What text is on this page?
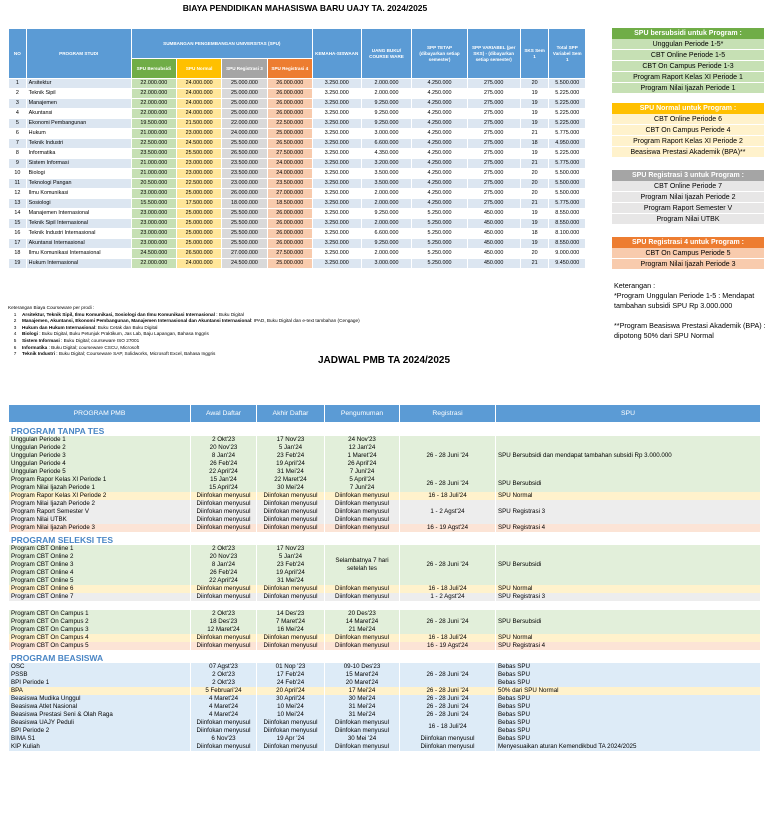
BIAYA PENDIDIKAN MAHASISWA BARU UAJY TA. 2024/2025
NO	PROGRAM STUDI	SUMBANGAN PENGEMBANGAN UNIVERSITAS (SPU)				KEMAHA-SISWAAN	UANG BUKU/ COURSE WARE	SPP TETAP (dibayarkan setiap semester)	SPP VARIABEL (per SKS) - (dibayarkan setiap semester)	SKS Sem 1	Total SPP Variabel Sem 1
		SPU Bersubsidi	SPU Normal	SPU Registrasi 3	SPU Registrasi 4						
1	Arsitektur	22.000.000	24.000.000	25.000.000	26.000.000	3.250.000	2.000.000	4.250.000	275.000	20	5.500.000
2	Teknik Sipil	22.000.000	24.000.000	25.000.000	26.000.000	3.250.000	2.000.000	4.250.000	275.000	19	5.225.000
3	Manajemen	22.000.000	24.000.000	25.000.000	26.000.000	3.250.000	9.250.000	4.250.000	275.000	19	5.225.000
4	Akuntansi	22.000.000	24.000.000	25.000.000	26.000.000	3.250.000	9.250.000	4.250.000	275.000	19	5.225.000
5	Ekonomi Pembangunan	19.500.000	21.500.000	22.000.000	22.500.000	3.250.000	9.250.000	4.250.000	275.000	19	5.225.000
6	Hukum	21.000.000	23.000.000	24.000.000	25.000.000	3.250.000	3.000.000	4.250.000	275.000	21	5.775.000
7	Teknik Industri	22.500.000	24.500.000	25.500.000	26.500.000	3.250.000	6.600.000	4.250.000	275.000	18	4.950.000
8	Informatika	23.500.000	25.500.000	26.500.000	27.500.000	3.250.000	4.350.000	4.250.000	275.000	19	5.225.000
9	Sistem Informasi	21.000.000	23.000.000	23.500.000	24.000.000	3.250.000	3.200.000	4.250.000	275.000	21	5.775.000
10	Biologi	21.000.000	23.000.000	23.500.000	24.000.000	3.250.000	3.500.000	4.250.000	275.000	20	5.500.000
11	Teknologi Pangan	20.500.000	22.500.000	23.000.000	23.500.000	3.250.000	3.500.000	4.250.000	275.000	20	5.500.000
12	Ilmu Komunikasi	23.000.000	25.000.000	26.000.000	27.000.000	3.250.000	2.000.000	4.250.000	275.000	20	5.500.000
13	Sosiologi	15.500.000	17.500.000	18.000.000	18.500.000	3.250.000	2.000.000	4.250.000	275.000	21	5.775.000
14	Manajemen Internasional	23.000.000	25.000.000	25.500.000	26.000.000	3.250.000	9.250.000	5.250.000	450.000	19	8.550.000
15	Teknik Sipil Internasional	23.000.000	25.000.000	25.500.000	26.000.000	3.250.000	2.000.000	5.250.000	450.000	19	8.550.000
16	Teknik Industri Internasional	23.000.000	25.000.000	25.500.000	26.000.000	3.250.000	6.600.000	5.250.000	450.000	18	8.100.000
17	Akuntansi Internasional	23.000.000	25.000.000	25.500.000	26.000.000	3.250.000	9.250.000	5.250.000	450.000	19	8.550.000
18	Ilmu Komunikasi Internasional	24.500.000	26.500.000	27.000.000	27.500.000	3.250.000	2.000.000	5.250.000	450.000	20	9.000.000
19	Hukum Internasional	22.000.000	24.000.000	24.500.000	25.000.000	3.250.000	3.000.000	5.250.000	450.000	21	9.450.000
Keterangan Biaya Courseware per prodi :
1	Arsitektur, Teknik Sipil, Ilmu Komunikasi, Sosiologi dan Ilmu Komunikasi Internasional : Buku Digital
2	Manajemen, Akuntansi, Ekonomi Pembangunan, Manajemen Internasional dan Akuntansi Internasional: IPAD, Buku Digital dan e-text tambahan (Cengage)
3	Hukum dan Hukum Internasional: Buku Cetak dan Buku Digital
4	Biologi : Buku Digital, Buku Petunjuk Praktikum, Jas Lab, Baju Lapangan, Bahasa Inggris
5	Sistem Informasi : Buku Digital; courseware ISO 27001
6	Informatika : Buku Digital; courseware CSCU, Microsoft
7	Teknik Industri : Buku Digital; Courseware SAP, Solidworks, Microsoft Excel, Bahasa Inggris
SPU bersubsidi untuk Program :
Unggulan Periode 1-5*
CBT Online Periode 1-5
CBT On Campus Periode 1-3
Program Raport Kelas XI Periode 1
Program Nilai Ijazah Periode 1
SPU Normal untuk Program :
CBT Online Periode 6
CBT On Campus Periode 4
Program Raport Kelas XI Periode 2
Beasiswa Prestasi Akademik (BPA)**
SPU Registrasi 3 untuk Program :
CBT Online Periode 7
Program Nilai Ijazah Periode 2
Program Raport Semester V
Program Nilai UTBK
SPU Registrasi 4 untuk Program :
CBT On Campus Periode 5
Program Nilai Ijazah Periode 3

Keterangan :

*Program Unggulan Periode 1-5 : Mendapat tambahan subsidi SPU Rp 3.000.000

**Program Beasiswa Prestasi Akademik (BPA) : dipotong 50% dari SPU Normal

JADWAL PMB TA 2024/2025
PROGRAM PMB	Awal Daftar	Akhir Daftar	Pengumuman	Registrasi	SPU
PROGRAM TANPA TES					
Unggulan Periode 1	2 Okt'23	17 Nov'23	24 Nov'23	26 - 28 Juni '24	SPU Bersubsidi dan mendapat tambahan subsidi Rp 3.000.000
Unggulan Periode 2	20 Nov'23	5 Jan'24	12 Jan'24		
Unggulan Periode 3	8 Jan'24	23 Feb'24	1 Maret'24		
Unggulan Periode 4	26 Feb'24	19 April'24	26 April'24		
Unggulan Periode 5	22 April'24	31 Mei'24	7 Juni'24		
Program Rapor Kelas XI Periode 1	15 Jan'24	22 Maret'24	5 April'24	26 - 28 Juni '24	SPU Bersubsidi
Program Nilai Ijazah Periode 1	15 April'24	30 Mei'24	7 Juni'24		
Program Rapor Kelas XI Periode 2	Diinfokan menyusul	Diinfokan menyusul	Diinfokan menyusul	16 - 18 Juli'24	SPU Normal
Program Nilai Ijazah Periode 2	Diinfokan menyusul	Diinfokan menyusul	Diinfokan menyusul	1 - 2 Agst'24	SPU Registrasi 3
Program Raport Semester V	Diinfokan menyusul	Diinfokan menyusul	Diinfokan menyusul		
Program Nilai UTBK	Diinfokan menyusul	Diinfokan menyusul	Diinfokan menyusul		
Program Nilai Ijazah Periode 3	Diinfokan menyusul	Diinfokan menyusul	Diinfokan menyusul	16 - 19 Agst'24	SPU Registrasi 4
PROGRAM SELEKSI TES					
Program CBT Online 1	2 Okt'23	17 Nov'23	Selambatnya 7 hari setelah tes	26 - 28 Juni '24	SPU Bersubsidi
Program CBT Online 2	20 Nov'23	5 Jan'24			
Program CBT Online 3	8 Jan'24	23 Feb'24			
Program CBT Online 4	26 Feb'24	19 April'24			
Program CBT Online 5	22 April'24	31 Mei'24			
Program CBT Online 6	Diinfokan menyusul	Diinfokan menyusul	Diinfokan menyusul	16 - 18 Juli'24	SPU Normal
Program CBT Online 7	Diinfokan menyusul	Diinfokan menyusul	Diinfokan menyusul	1 - 2 Agst'24	SPU Registrasi 3

Program CBT On Campus 1	2 Okt'23	14 Des'23	20 Des'23	26 - 28 Juni '24	SPU Bersubsidi
Program CBT On Campus 2	18 Des'23	7 Maret'24	14 Maret'24		
Program CBT On Campus 3	12 Maret'24	16 Mei'24	21 Mei'24		
Program CBT On Campus 4	Diinfokan menyusul	Diinfokan menyusul	Diinfokan menyusul	16 - 18 Juli'24	SPU Normal
Program CBT On Campus 5	Diinfokan menyusul	Diinfokan menyusul	Diinfokan menyusul	16 - 19 Agst'24	SPU Registrasi 4
PROGRAM BEASISWA					
OSC	07 Agst'23	01 Nop '23	09-10 Des'23	26 - 28 Juni '24	Bebas SPU
PSSB	2 Okt'23	17 Feb'24	15 Maret'24		Bebas SPU
BPI Periode 1	2 Okt'23	24 Feb'24	20 Maret'24		Bebas SPU
BPA	5 Februari'24	20 April'24	17 Mei'24	26 - 28 Juni '24	50% dari SPU Normal
Beasiswa Mudika Unggul	4 Maret'24	30 April'24	30 Mei'24	26 - 28 Juni '24	Bebas SPU
Beasiswa Atlet Nasional	4 Maret'24	10 Mei'24	31 Mei'24	26 - 28 Juni '24	Bebas SPU
Beasiswa Prestasi Seni & Olah Raga	4 Maret'24	10 Mei'24	31 Mei'24	26 - 28 Juni '24	Bebas SPU
Beasiswa UAJY Peduli	Diinfokan menyusul	Diinfokan menyusul	Diinfokan menyusul	16 - 18 Juli'24	Bebas SPU
BPI Periode 2	Diinfokan menyusul	Diinfokan menyusul	Diinfokan menyusul		Bebas SPU
BIMA S1	6 Nov'23	19 Apr '24	30 Mei '24	Diinfokan menyusul	Bebas SPU
KIP Kuliah	Diinfokan menyusul	Diinfokan menyusul	Diinfokan menyusul	Diinfokan menyusul	Menyesuaikan aturan Kemendikbud TA 2024/2025
